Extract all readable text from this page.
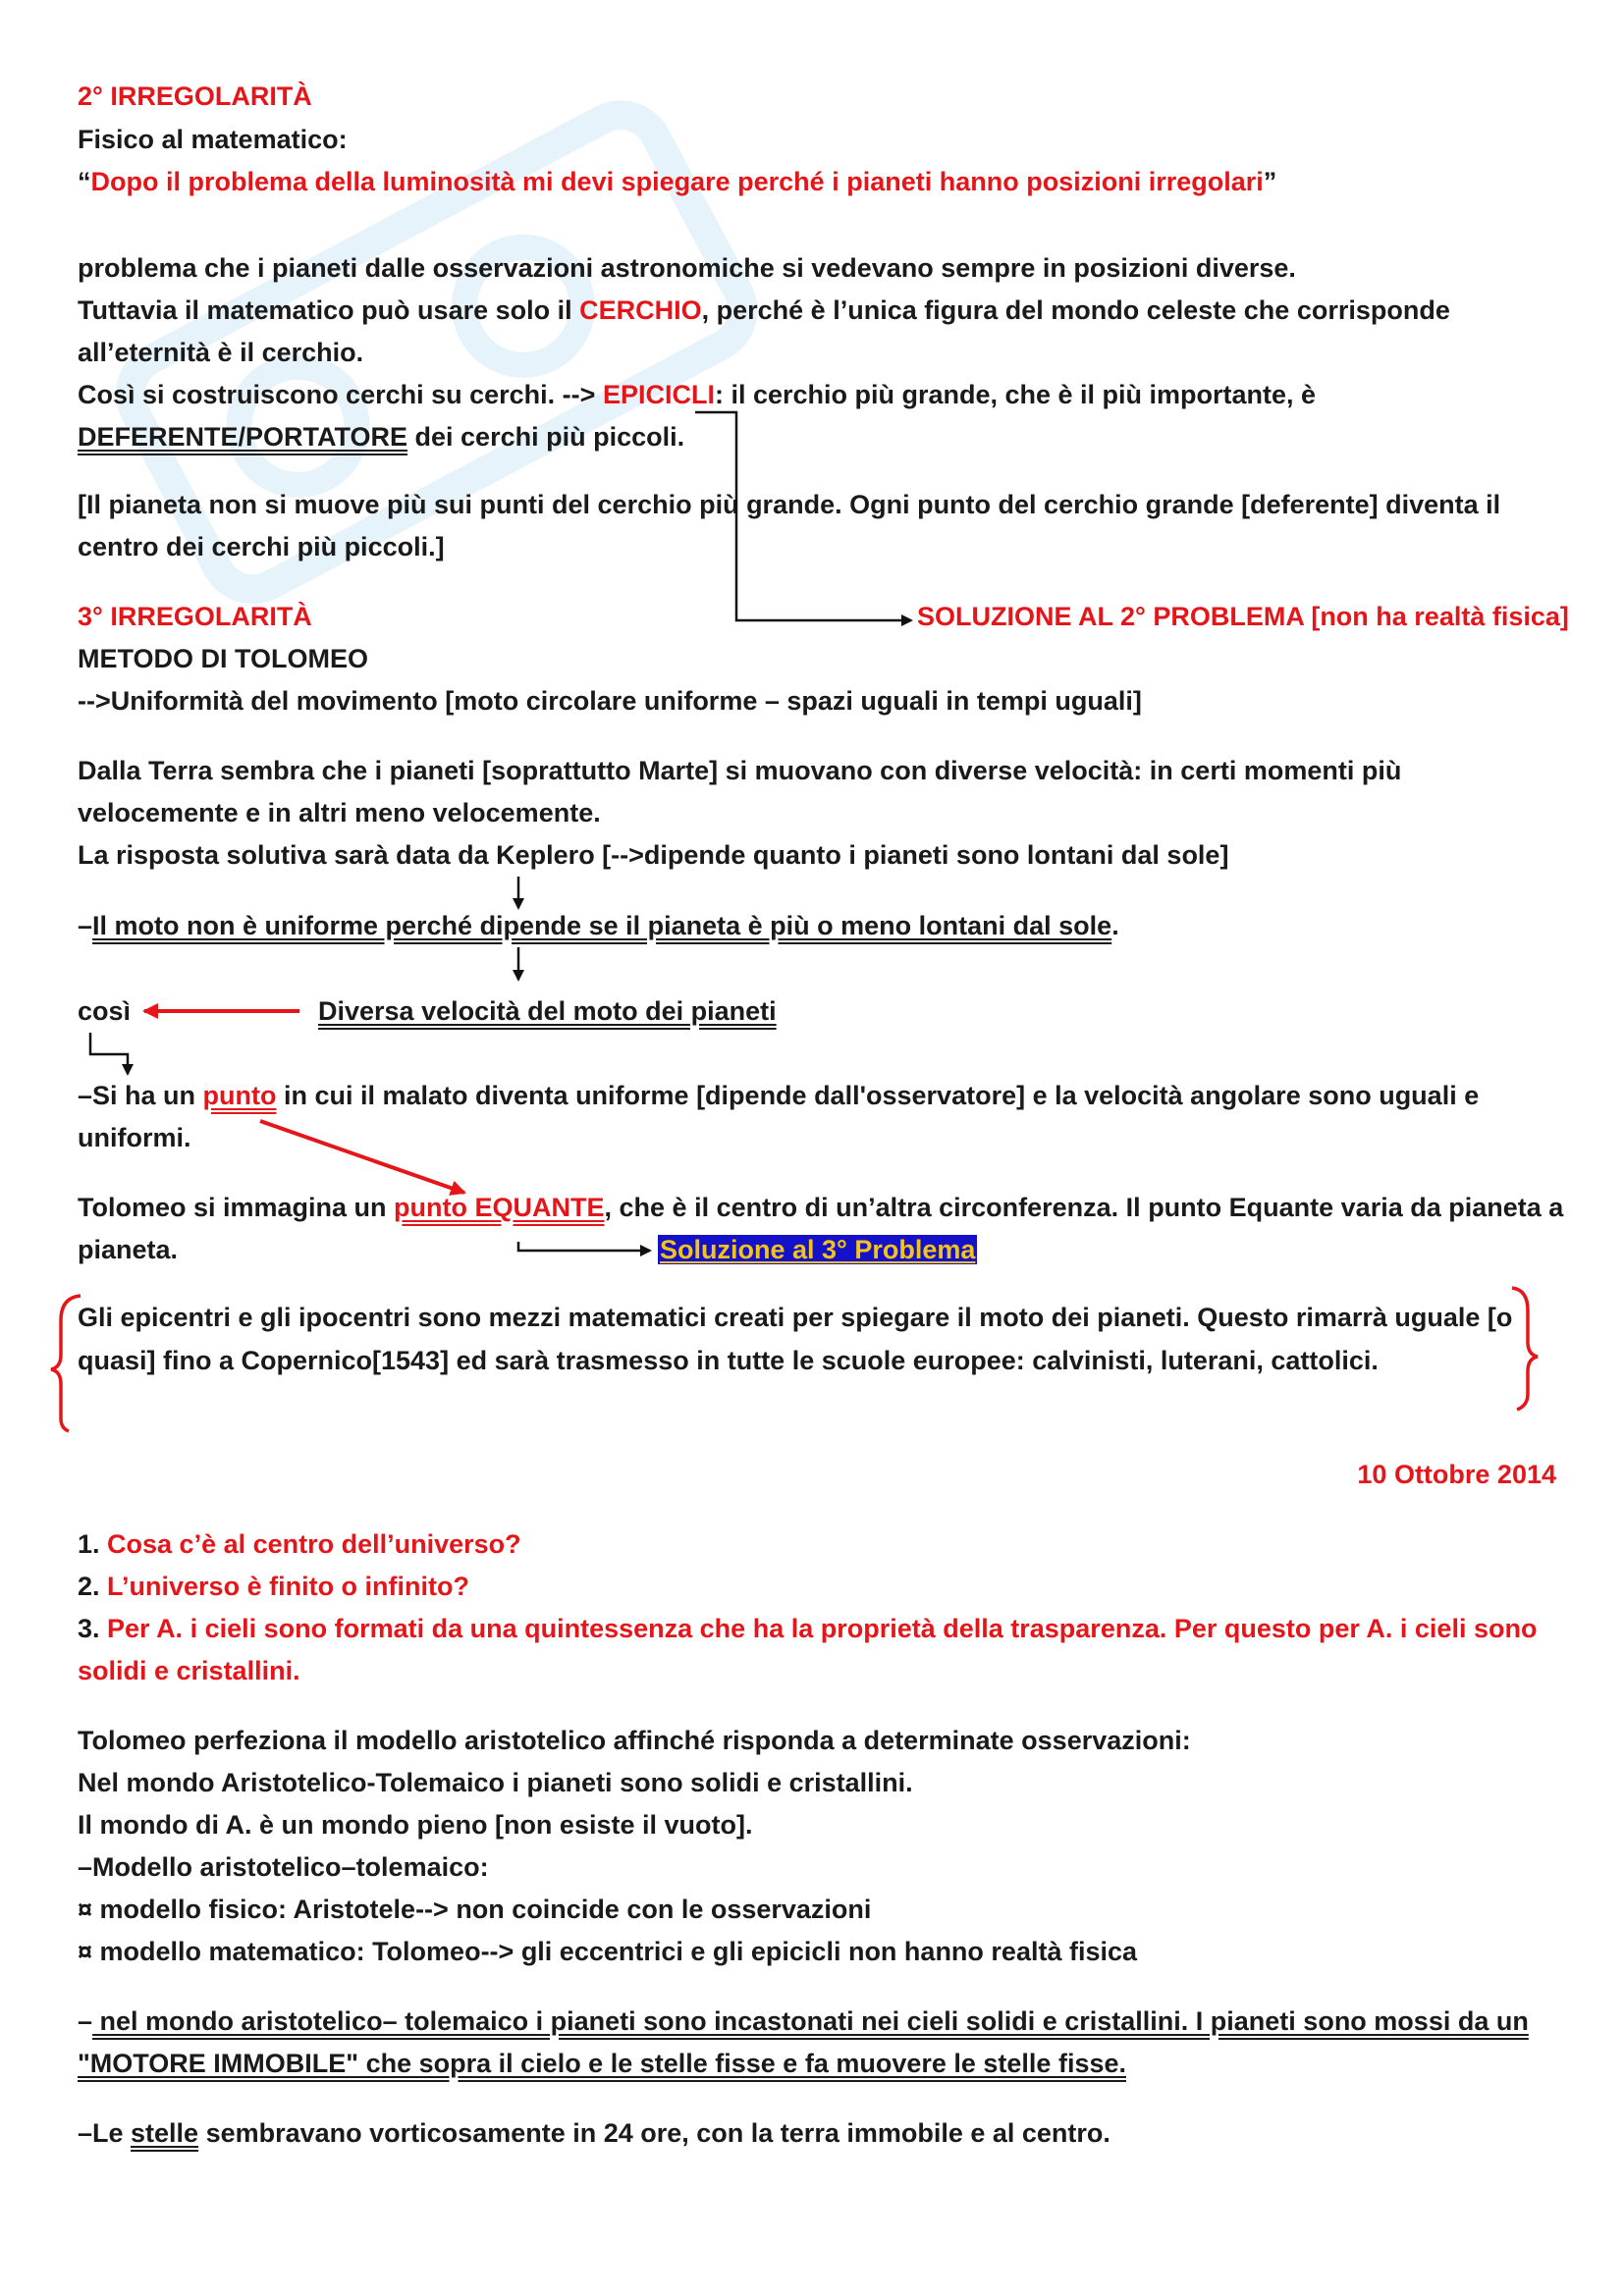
2° IRREGOLARITÀ
Fisico al matematico:
“Dopo il problema della luminosità mi devi spiegare perché i pianeti hanno posizioni irregolari”
problema che i pianeti dalle osservazioni astronomiche si vedevano sempre in posizioni diverse.
Tuttavia il matematico può usare solo il CERCHIO, perché è l’unica figura del mondo celeste che corrisponde
all’eternità è il cerchio.
Così si costruiscono cerchi su cerchi. --> EPICICLI: il cerchio più grande, che è il più importante, è
DEFERENTE/PORTATORE dei cerchi più piccoli.
[Il pianeta non si muove più sui punti del cerchio più grande. Ogni punto del cerchio grande [deferente] diventa il
centro dei cerchi più piccoli.]
3° IRREGOLARITÀ	SOLUZIONE AL 2° PROBLEMA [non ha realtà fisica]
METODO DI TOLOMEO
-->Uniformità del movimento [moto circolare uniforme – spazi uguali in tempi uguali]
Dalla Terra sembra che i pianeti [soprattutto Marte] si muovano con diverse velocità: in certi momenti più
velocemente e in altri meno velocemente.
La risposta solutiva sarà data da Keplero [-->dipende quanto i pianeti sono lontani dal sole]
–Il moto non è uniforme perché dipende se il pianeta è più o meno lontani dal sole.
così	Diversa velocità del moto dei pianeti
–Si ha un punto in cui il malato diventa uniforme [dipende dall'osservatore] e la velocità angolare sono uguali e
uniformi.
Tolomeo si immagina un punto EQUANTE, che è il centro di un’altra circonferenza. Il punto Equante varia da pianeta a
pianeta.	Soluzione al 3° Problema
Gli epicentri e gli ipocentri sono mezzi matematici creati per spiegare il moto dei pianeti. Questo rimarrà uguale [o quasi] fino a Copernico[1543] ed sarà trasmesso in tutte le scuole europee: calvinisti, luterani, cattolici.
10 Ottobre 2014
1. Cosa c’è al centro dell’universo?
2. L’universo è finito o infinito?
3. Per A. i cieli sono formati da una quintessenza che ha la proprietà della trasparenza. Per questo per A. i cieli sono
solidi e cristallini.
Tolomeo perfeziona il modello aristotelico affinché risponda a determinate osservazioni:
Nel mondo Aristotelico-Tolemaico i pianeti sono solidi e cristallini.
Il mondo di A. è un mondo pieno [non esiste il vuoto].
–Modello aristotelico–tolemaico:
¤ modello fisico: Aristotele--> non coincide con le osservazioni
¤ modello matematico: Tolomeo--> gli eccentrici e gli epicicli non hanno realtà fisica
– nel mondo aristotelico– tolemaico i pianeti sono incastonati nei cieli solidi e cristallini. I pianeti sono mossi da un
"MOTORE IMMOBILE" che sopra il cielo e le stelle fisse e fa muovere le stelle fisse.
–Le stelle sembravano vorticosamente in 24 ore, con la terra immobile e al centro.
